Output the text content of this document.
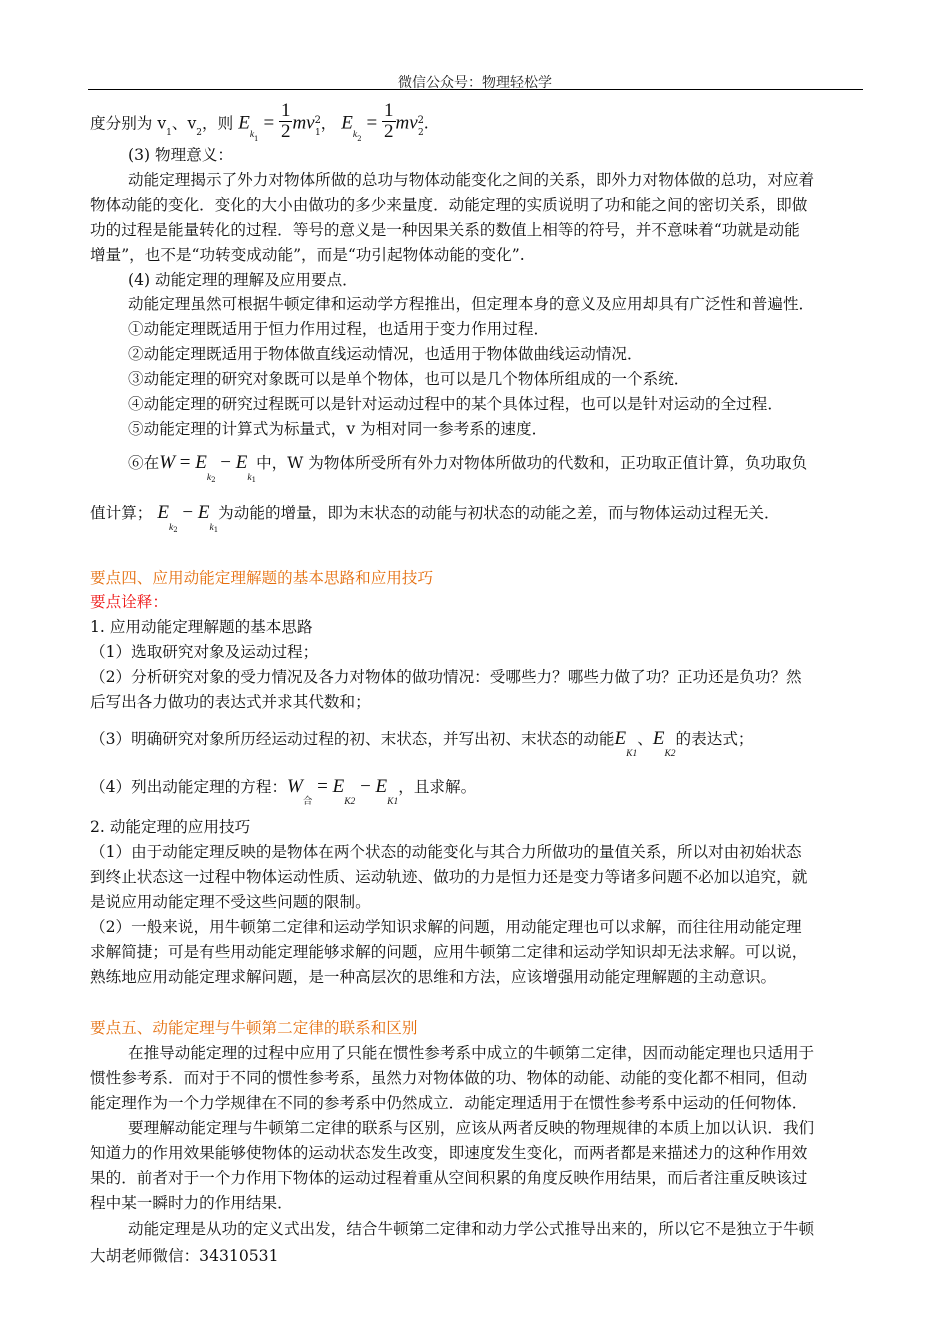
微信公众号：物理轻松学
度分别为 $v_1$、$v_2$，则 $E_{k1} = \frac{1}{2} mv^2_1$， $E_{k2} = \frac{1}{2} mv^2_2$.
(3) 物理意义：
动能定理揭示了外力对物体所做的总功与物体动能变化之间的关系，即外力对物体做的总功，对应着
物体动能的变化．变化的大小由做功的多少来量度．动能定理的实质说明了功和能之间的密切关系，即做
功的过程是能量转化的过程．等号的意义是一种因果关系的数值上相等的符号，并不意味着“功就是动能
增量”，也不是“功转变成动能”，而是“功引起物体动能的变化”.
(4) 动能定理的理解及应用要点．
动能定理虽然可根据牛顿定律和运动学方程推出，但定理本身的意义及应用却具有广泛性和普遍性．
①动能定理既适用于恒力作用过程，也适用于变力作用过程．
②动能定理既适用于物体做直线运动情况，也适用于物体做曲线运动情况．
③动能定理的研究对象既可以是单个物体，也可以是几个物体所组成的一个系统．
④动能定理的研究过程既可以是针对运动过程中的某个具体过程，也可以是针对运动的全过程．
⑤动能定理的计算式为标量式，v 为相对同一参考系的速度．
⑥在$W = E_{k2} - E_{k1}$中，W 为物体所受所有外力对物体所做功的代数和，正功取正值计算，负功取负
值计算； $E_{k2} - E_{k1}$为动能的增量，即为末状态的动能与初状态的动能之差，而与物体运动过程无关．
要点四、应用动能定理解题的基本思路和应用技巧
要点诠释：
1. 应用动能定理解题的基本思路
（1）选取研究对象及运动过程；
（2）分析研究对象的受力情况及各力对物体的做功情况：受哪些力？哪些力做了功？正功还是负功？然
后写出各力做功的表达式并求其代数和；
（3）明确研究对象所历经运动过程的初、末状态，并写出初、末状态的动能$E_{K1}$、$E_{K2}$的表达式；
（4）列出动能定理的方程：$W_合 = E_{K2} - E_{K1}$，且求解。
2. 动能定理的应用技巧
（1）由于动能定理反映的是物体在两个状态的动能变化与其合力所做功的量值关系，所以对由初始状态
到终止状态这一过程中物体运动性质、运动轨迹、做功的力是恒力还是变力等诸多问题不必加以追究，就
是说应用动能定理不受这些问题的限制。
（2）一般来说，用牛顿第二定律和运动学知识求解的问题，用动能定理也可以求解，而往往用动能定理
求解简捷；可是有些用动能定理能够求解的问题，应用牛顿第二定律和运动学知识却无法求解。可以说，
熟练地应用动能定理求解问题，是一种高层次的思维和方法，应该增强用动能定理解题的主动意识。
要点五、动能定理与牛顿第二定律的联系和区别
在推导动能定理的过程中应用了只能在惯性参考系中成立的牛顿第二定律，因而动能定理也只适用于
惯性参考系．而对于不同的惯性参考系，虽然力对物体做的功、物体的动能、动能的变化都不相同，但动
能定理作为一个力学规律在不同的参考系中仍然成立．动能定理适用于在惯性参考系中运动的任何物体．
要理解动能定理与牛顿第二定律的联系与区别，应该从两者反映的物理规律的本质上加以认识．我们
知道力的作用效果能够使物体的运动状态发生改变，即速度发生变化，而两者都是来描述力的这种作用效
果的．前者对于一个力作用下物体的运动过程着重从空间积累的角度反映作用结果，而后者注重反映该过
程中某一瞬时力的作用结果．
动能定理是从功的定义式出发，结合牛顿第二定律和动力学公式推导出来的，所以它不是独立于牛顿
大胡老师微信：34310531
